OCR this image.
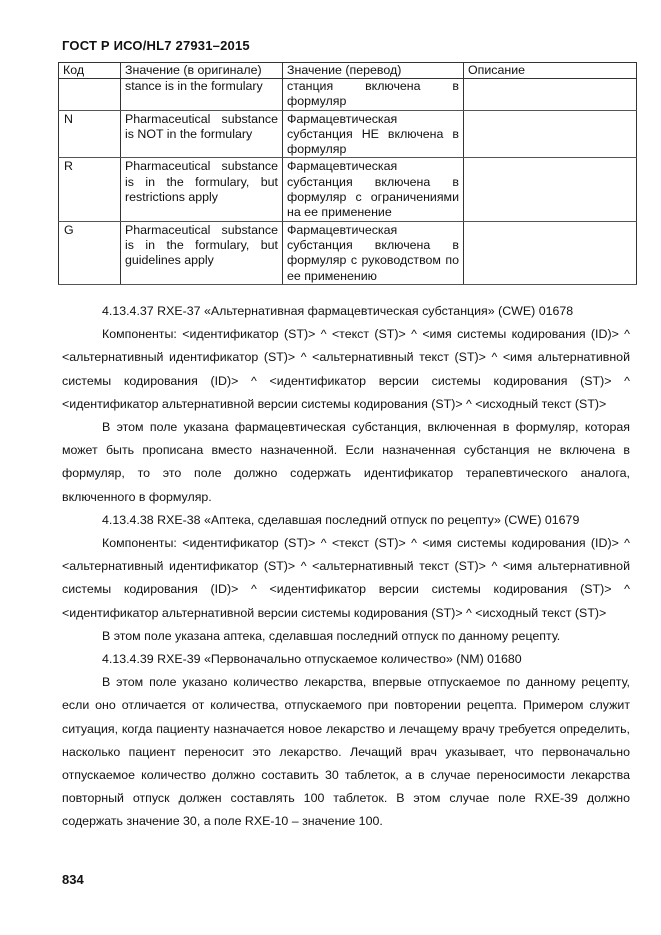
ГОСТ Р ИСО/HL7 27931–2015
Код	Значение (в оригинале)	Значение (перевод)	Описание
	stance is in the formulary	станция включена в формуляр	
N	Pharmaceutical substance is NOT in the formulary	Фармацевтическая субстанция НЕ включена в формуляр	
R	Pharmaceutical substance is in the formulary, but restrictions apply	Фармацевтическая субстанция включена в формуляр с ограничениями на ее применение	
G	Pharmaceutical substance is in the formulary, but guidelines apply	Фармацевтическая субстанция включена в формуляр с руководством по ее применению	

4.13.4.37 RXE-37 «Альтернативная фармацевтическая субстанция» (CWE) 01678

Компоненты: <идентификатор (ST)> ^ <текст (ST)> ^ <имя системы кодирования (ID)> ^ <альтернативный идентификатор (ST)> ^ <альтернативный текст (ST)> ^ <имя альтернативной системы кодирования (ID)> ^ <идентификатор версии системы кодирования (ST)> ^ <идентификатор альтернативной версии системы кодирования (ST)> ^ <исходный текст (ST)>

В этом поле указана фармацевтическая субстанция, включенная в формуляр, которая может быть прописана вместо назначенной. Если назначенная субстанция не включена в формуляр, то это поле должно содержать идентификатор терапевтического аналога, включенного в формуляр.

4.13.4.38 RXE-38 «Аптека, сделавшая последний отпуск по рецепту» (CWE) 01679

Компоненты: <идентификатор (ST)> ^ <текст (ST)> ^ <имя системы кодирования (ID)> ^ <альтернативный идентификатор (ST)> ^ <альтернативный текст (ST)> ^ <имя альтернативной системы кодирования (ID)> ^ <идентификатор версии системы кодирования (ST)> ^ <идентификатор альтернативной версии системы кодирования (ST)> ^ <исходный текст (ST)>

В этом поле указана аптека, сделавшая последний отпуск по данному рецепту.

4.13.4.39 RXE-39 «Первоначально отпускаемое количество» (NM) 01680

В этом поле указано количество лекарства, впервые отпускаемое по данному рецепту, если оно отличается от количества, отпускаемого при повторении рецепта. Примером служит ситуация, когда пациенту назначается новое лекарство и лечащему врачу требуется определить, насколько пациент переносит это лекарство. Лечащий врач указывает, что первоначально отпускаемое количество должно составить 30 таблеток, а в случае переносимости лекарства повторный отпуск должен составлять 100 таблеток. В этом случае поле RXE-39 должно содержать значение 30, а поле RXE-10 – значение 100.

834
